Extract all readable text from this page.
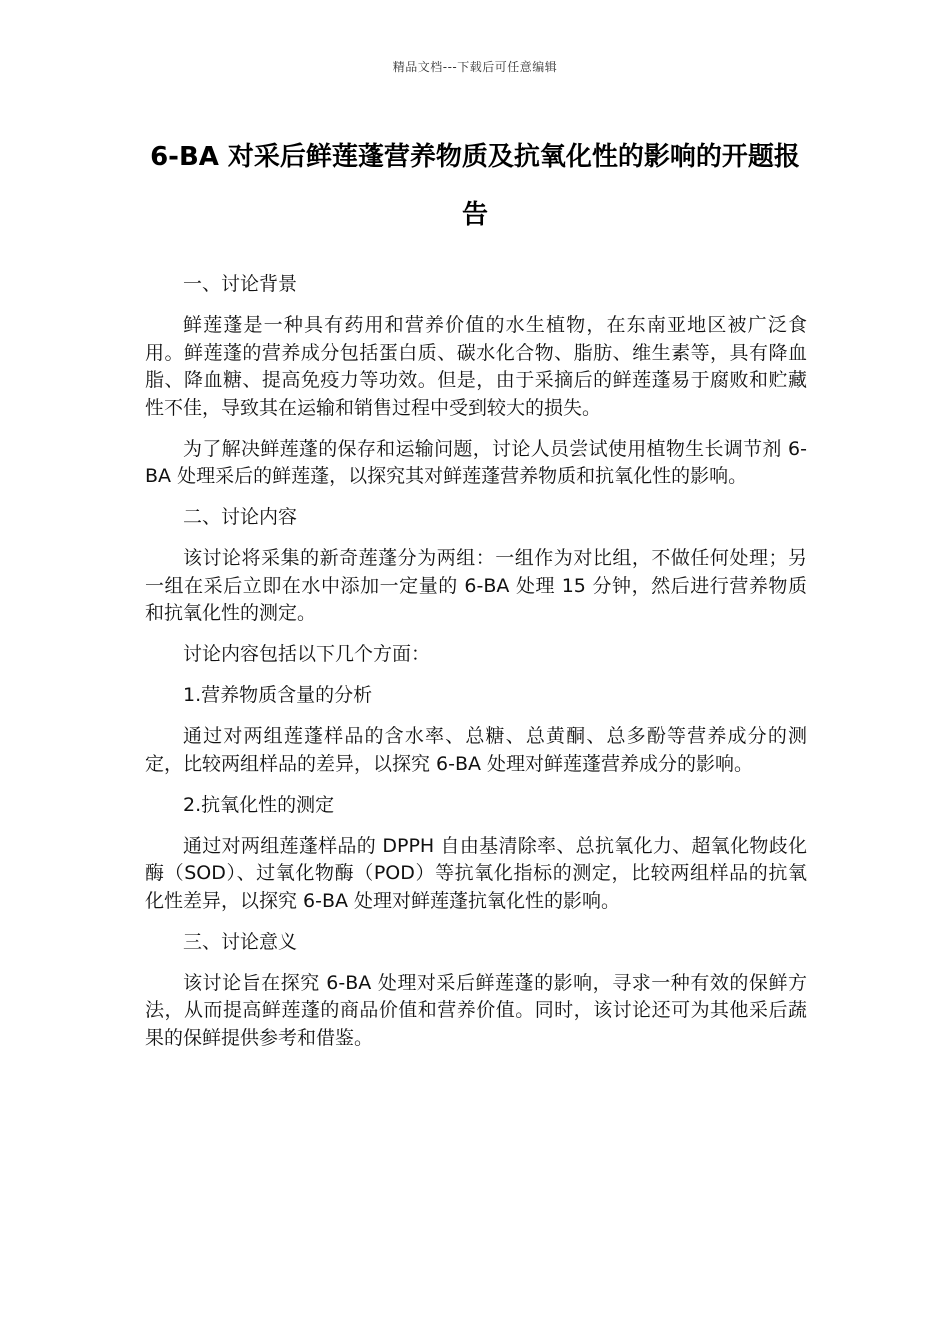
精品文档---下载后可任意编辑
6-BA 对采后鲜莲蓬营养物质及抗氧化性的影响的开题报告

一、讨论背景

鲜莲蓬是一种具有药用和营养价值的水生植物，在东南亚地区被广泛食用。鲜莲蓬的营养成分包括蛋白质、碳水化合物、脂肪、维生素等，具有降血脂、降血糖、提高免疫力等功效。但是，由于采摘后的鲜莲蓬易于腐败和贮藏性不佳，导致其在运输和销售过程中受到较大的损失。

为了解决鲜莲蓬的保存和运输问题，讨论人员尝试使用植物生长调节剂 6-BA 处理采后的鲜莲蓬，以探究其对鲜莲蓬营养物质和抗氧化性的影响。

二、讨论内容

该讨论将采集的新奇莲蓬分为两组：一组作为对比组，不做任何处理；另一组在采后立即在水中添加一定量的 6-BA 处理 15 分钟，然后进行营养物质和抗氧化性的测定。

讨论内容包括以下几个方面：

1.营养物质含量的分析

通过对两组莲蓬样品的含水率、总糖、总黄酮、总多酚等营养成分的测定，比较两组样品的差异，以探究 6-BA 处理对鲜莲蓬营养成分的影响。

2.抗氧化性的测定

通过对两组莲蓬样品的 DPPH 自由基清除率、总抗氧化力、超氧化物歧化酶（SOD）、过氧化物酶（POD）等抗氧化指标的测定，比较两组样品的抗氧化性差异，以探究 6-BA 处理对鲜莲蓬抗氧化性的影响。

三、讨论意义

该讨论旨在探究 6-BA 处理对采后鲜莲蓬的影响，寻求一种有效的保鲜方法，从而提高鲜莲蓬的商品价值和营养价值。同时，该讨论还可为其他采后蔬果的保鲜提供参考和借鉴。
